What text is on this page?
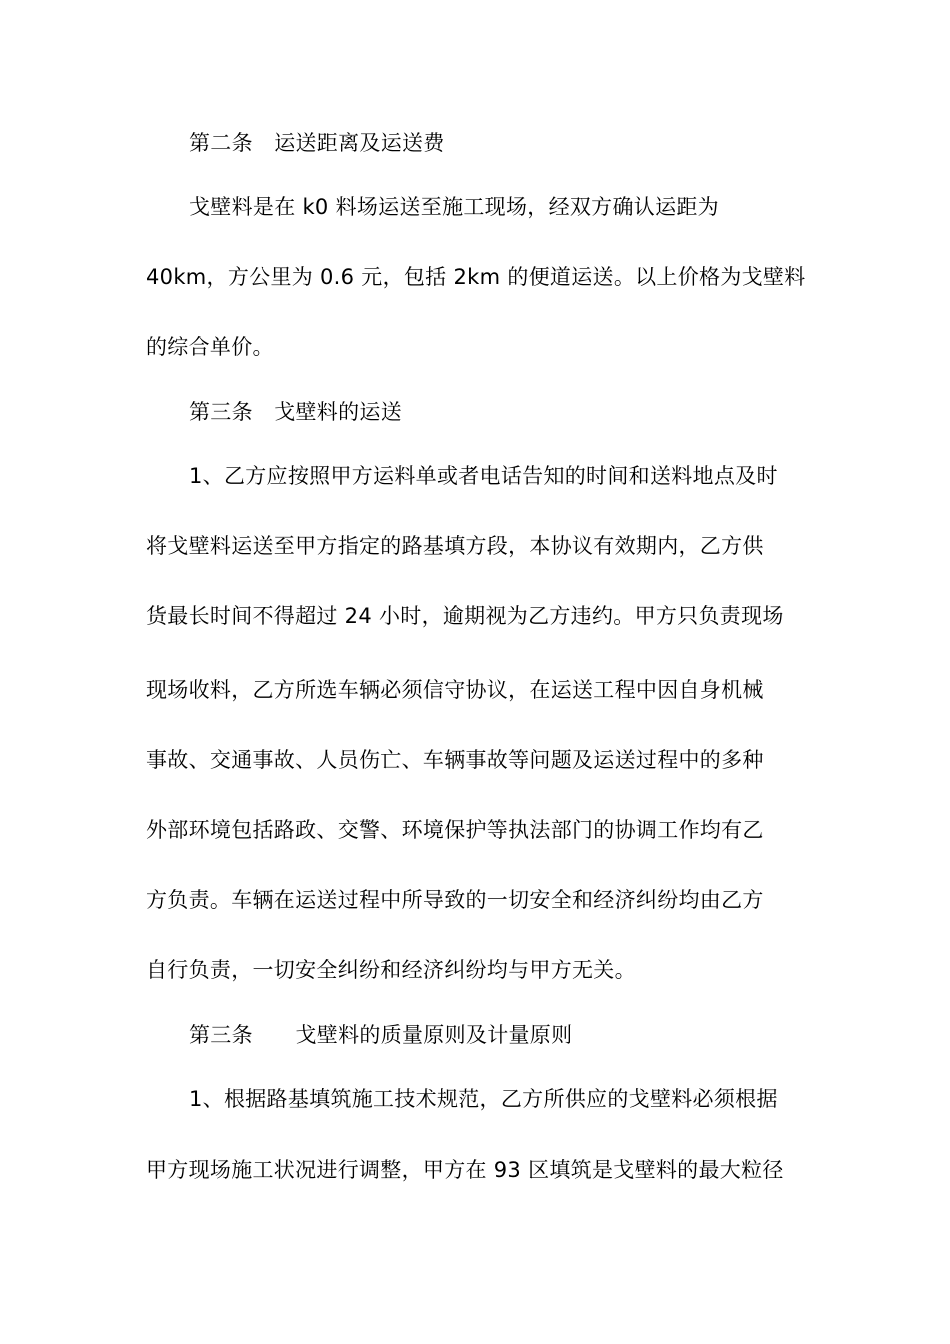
第二条　运送距离及运送费
戈壁料是在 k0 料场运送至施工现场，经双方确认运距为
40km，方公里为 0.6 元，包括 2km 的便道运送。以上价格为戈壁料
的综合单价。
第三条　戈壁料的运送
1、乙方应按照甲方运料单或者电话告知的时间和送料地点及时
将戈壁料运送至甲方指定的路基填方段，本协议有效期内，乙方供
货最长时间不得超过 24 小时，逾期视为乙方违约。甲方只负责现场
现场收料，乙方所选车辆必须信守协议，在运送工程中因自身机械
事故、交通事故、人员伤亡、车辆事故等问题及运送过程中的多种
外部环境包括路政、交警、环境保护等执法部门的协调工作均有乙
方负责。车辆在运送过程中所导致的一切安全和经济纠纷均由乙方
自行负责，一切安全纠纷和经济纠纷均与甲方无关。
第三条　　戈壁料的质量原则及计量原则
1、根据路基填筑施工技术规范，乙方所供应的戈壁料必须根据
甲方现场施工状况进行调整，甲方在 93 区填筑是戈壁料的最大粒径
